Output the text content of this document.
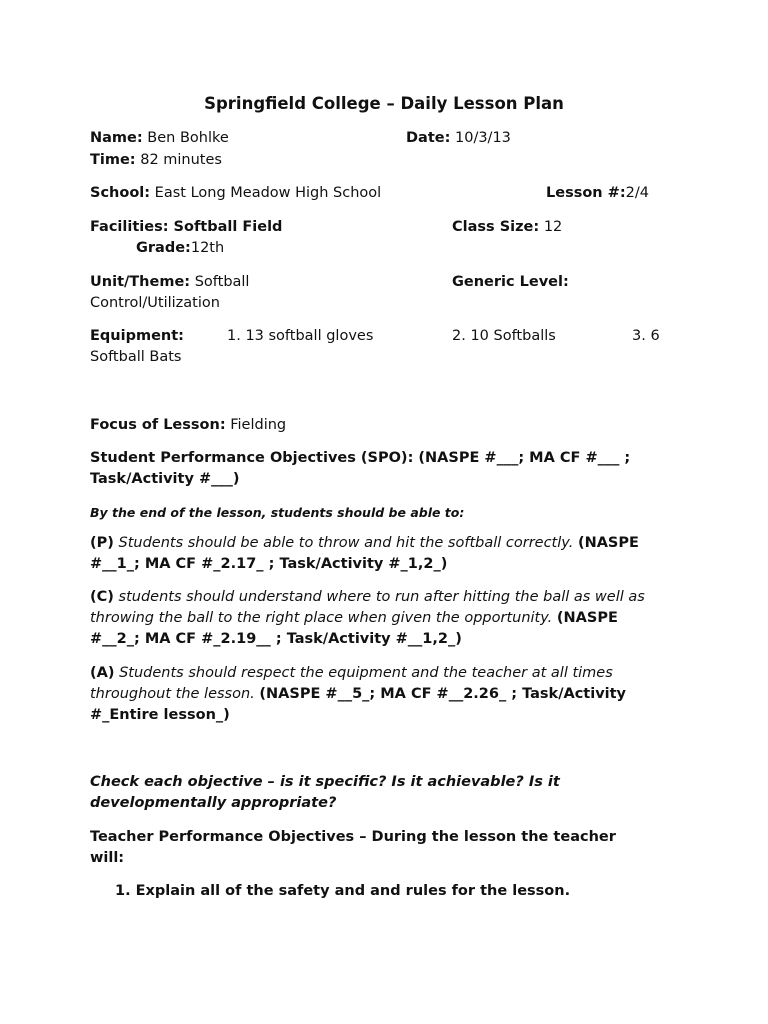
Springfield College – Daily Lesson Plan
Name: Ben Bohlke	Date: 10/3/13
Time: 82 minutes
School: East Long Meadow High School	Lesson #:2/4
Facilities: Softball Field	Class Size: 12
Grade:12th
Unit/Theme: Softball	Generic Level:
Control/Utilization
Equipment:	1. 13 softball gloves	2. 10 Softballs	3. 6
Softball Bats
Focus of Lesson: Fielding
Student Performance Objectives (SPO): (NASPE #___; MA CF #___ ;
Task/Activity #___)
By the end of the lesson, students should be able to:
(P) Students should be able to throw and hit the softball correctly. (NASPE
#__1_; MA CF #_2.17_ ; Task/Activity #_1,2_)
(C) students should understand where to run after hitting the ball as well as
throwing the ball to the right place when given the opportunity. (NASPE
#__2_; MA CF #_2.19__ ; Task/Activity #__1,2_)
(A) Students should respect the equipment and the teacher at all times
throughout the lesson. (NASPE #__5_; MA CF #__2.26_ ; Task/Activity
#_Entire lesson_)
Check each objective – is it specific? Is it achievable? Is it
developmentally appropriate?
Teacher Performance Objectives – During the lesson the teacher
will:
1. Explain all of the safety and and rules for the lesson.
